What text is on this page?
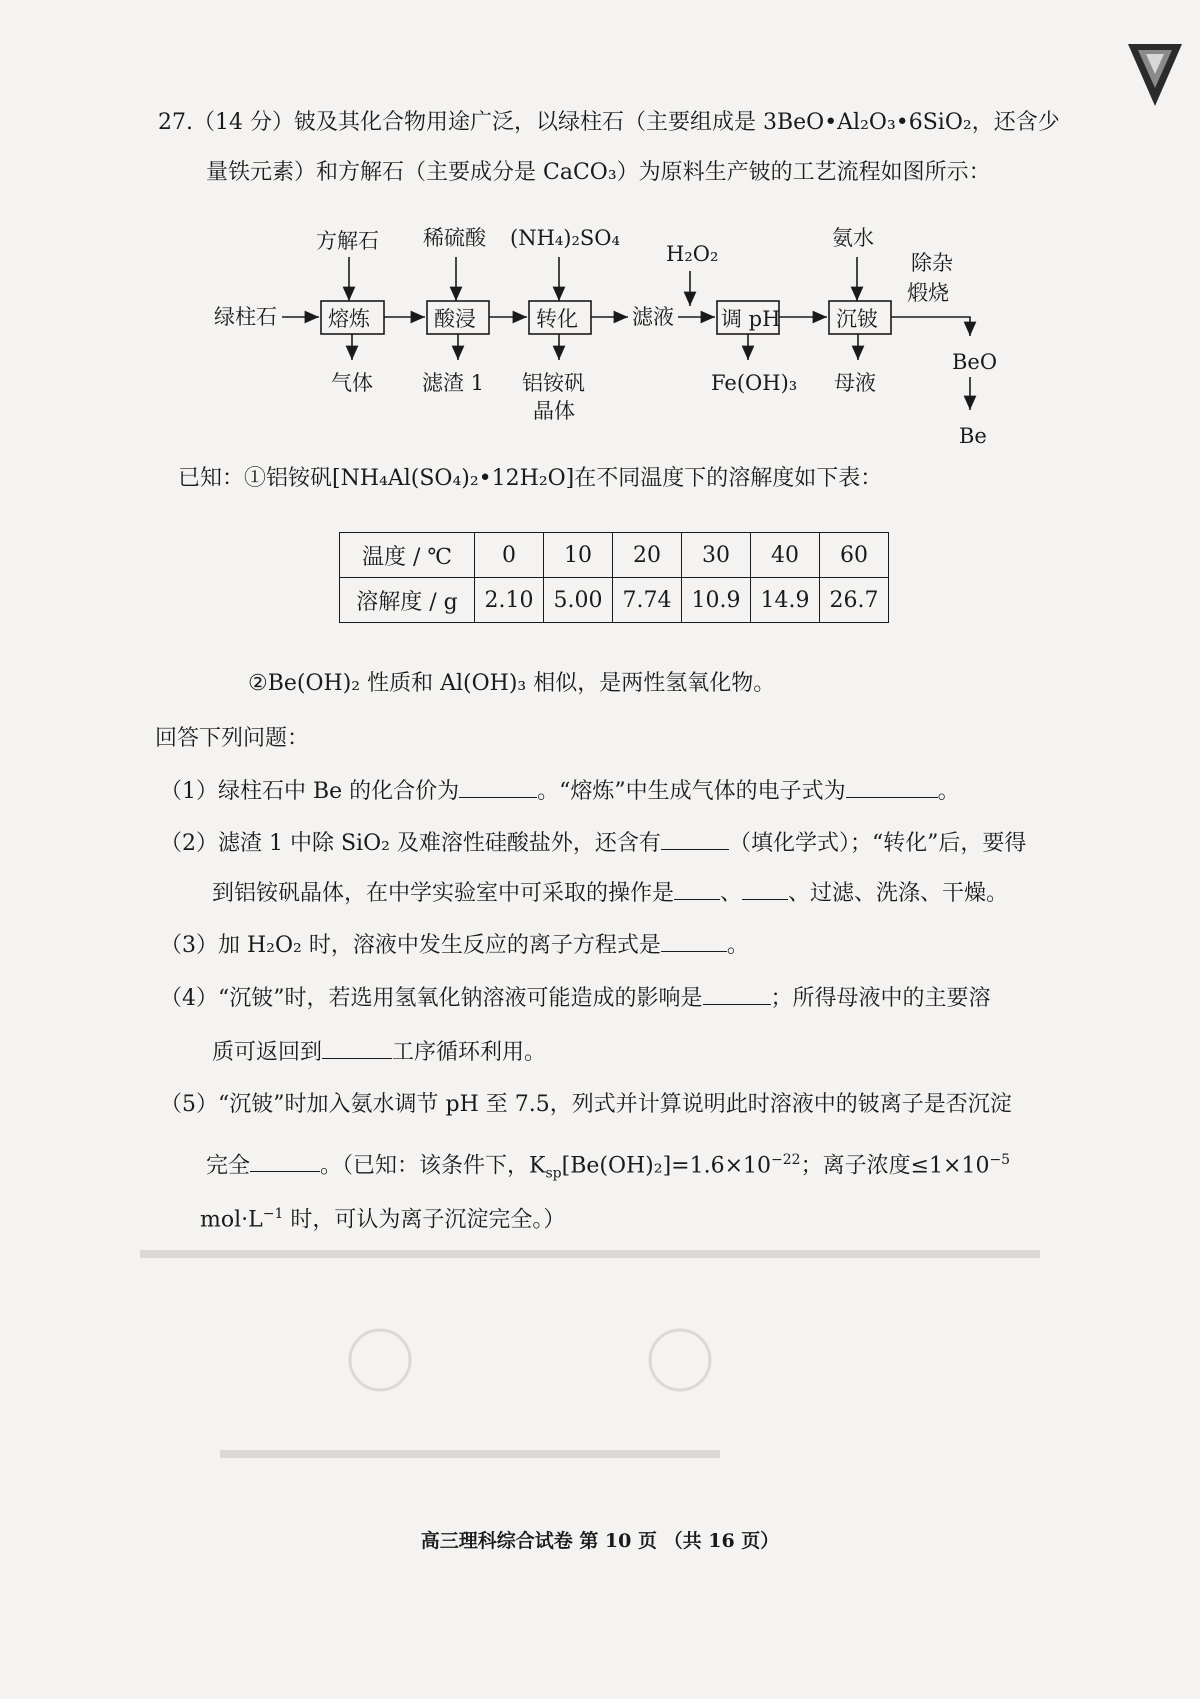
27.（14 分）铍及其化合物用途广泛，以绿柱石（主要组成是 3BeO•Al₂O₃•6SiO₂，还含少
量铁元素）和方解石（主要成分是 CaCO₃）为原料生产铍的工艺流程如图所示：
方解石 稀硫酸 (NH₄)₂SO₄
H₂O₂
氨水
除杂
煅烧
绿柱石 熔炼	酸浸	转化	滤液 调 pH	沉铍
气体 滤渣 1 铝铵矾
晶体
Fe(OH)₃ 母液
BeO
Be
已知：①铝铵矾[NH₄Al(SO₄)₂•12H₂O]在不同温度下的溶解度如下表：
温度 / ℃	0	10	20	30	40	60
溶解度 / g	2.10	5.00	7.74	10.9	14.9	26.7
②Be(OH)₂ 性质和 Al(OH)₃ 相似，是两性氢氧化物。
回答下列问题：
（1）绿柱石中 Be 的化合价为	。“熔炼”中生成气体的电子式为	。
（2）滤渣 1 中除 SiO₂ 及难溶性硅酸盐外，还含有	（填化学式）；“转化”后，要得
到铝铵矾晶体，在中学实验室中可采取的操作是 、 、过滤、洗涤、干燥。
（3）加 H₂O₂ 时，溶液中发生反应的离子方程式是	。
（4）“沉铍”时，若选用氢氧化钠溶液可能造成的影响是	；所得母液中的主要溶
质可返回到	工序循环利用。
（5）“沉铍”时加入氨水调节 pH 至 7.5，列式并计算说明此时溶液中的铍离子是否沉淀
完全	。（已知：该条件下，$K_{sp}[Be(OH)_2]=1.6\times 10^{-22}$；离子浓度$\le 1\times 10^{-5}$
$mol\cdot L^{-1}$ 时，可认为离子沉淀完全。）
高三理科综合试卷 第 10 页 （共 16 页）
